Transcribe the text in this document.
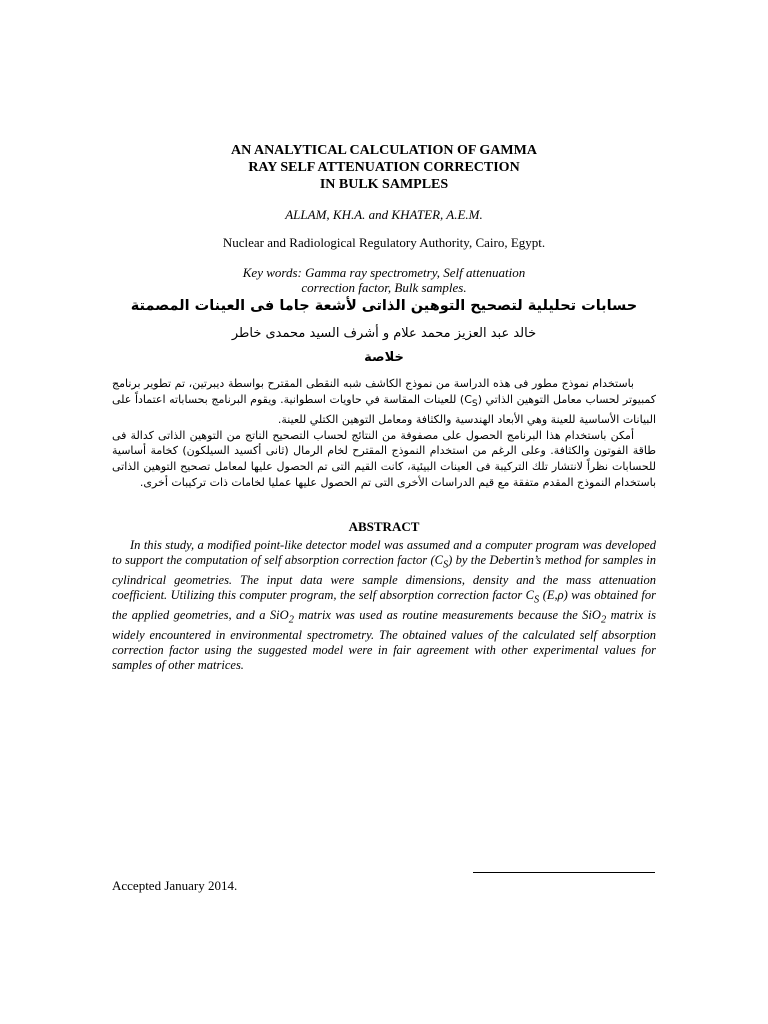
AN ANALYTICAL CALCULATION OF GAMMA
RAY SELF ATTENUATION CORRECTION
IN BULK SAMPLES
ALLAM, KH.A. and KHATER, A.E.M.
Nuclear and Radiological Regulatory Authority, Cairo, Egypt.
Key words: Gamma ray spectrometry, Self attenuation
correction factor, Bulk samples.
حسابات تحليلية لتصحيح التوهين الذاتى لأشعة جاما فى العينات المصمتة
خالد عبد العزيز محمد علام و أشرف السيد محمدى خاطر
خلاصة

باستخدام نموذج مطور فى هذه الدراسة من نموذج الكاشف شبه النقطى المقترح بواسطة ديبرتين، تم تطوير برنامج كمبيوتر لحساب معامل التوهين الذاتي $(C_S)$ للعينات المقاسة في حاويات اسطوانية. ويقوم البرنامج بحساباته اعتماداً على البيانات الأساسية للعينة وهي الأبعاد الهندسية والكثافة ومعامل التوهين الكتلي للعينة.

أمكن باستخدام هذا البرنامج الحصول على مصفوفة من النتائج لحساب التصحيح الناتج من التوهين الذاتى كدالة فى طاقة الفوتون والكثافة. وعلى الرغم من استخدام النموذج المقترح لخام الرمال (ثانى أكسيد السيلكون) كخامة أساسية للحسابات نظراً لانتشار تلك التركيبة فى العينات البيئية، كانت القيم التى تم الحصول عليها لمعامل تصحيح التوهين الذاتى باستخدام النموذج المقدم متفقة مع قيم الدراسات الأخرى التى تم الحصول عليها عمليا لخامات ذات تركيبات أخرى.

ABSTRACT

In this study, a modified point-like detector model was assumed and a computer program was developed to support the computation of self absorption correction factor $(C_S)$ by the Debertin’s method for samples in cylindrical geometries. The input data were sample dimensions, density and the mass attenuation coefficient. Utilizing this computer program, the self absorption correction factor $C_S$ (E,ρ) was obtained for the applied geometries, and a SiO$_2$ matrix was used as routine measurements because the SiO$_2$ matrix is widely encountered in environmental spectrometry. The obtained values of the calculated self absorption correction factor using the suggested model were in fair agreement with other experimental values for samples of other matrices.

Accepted January 2014.
